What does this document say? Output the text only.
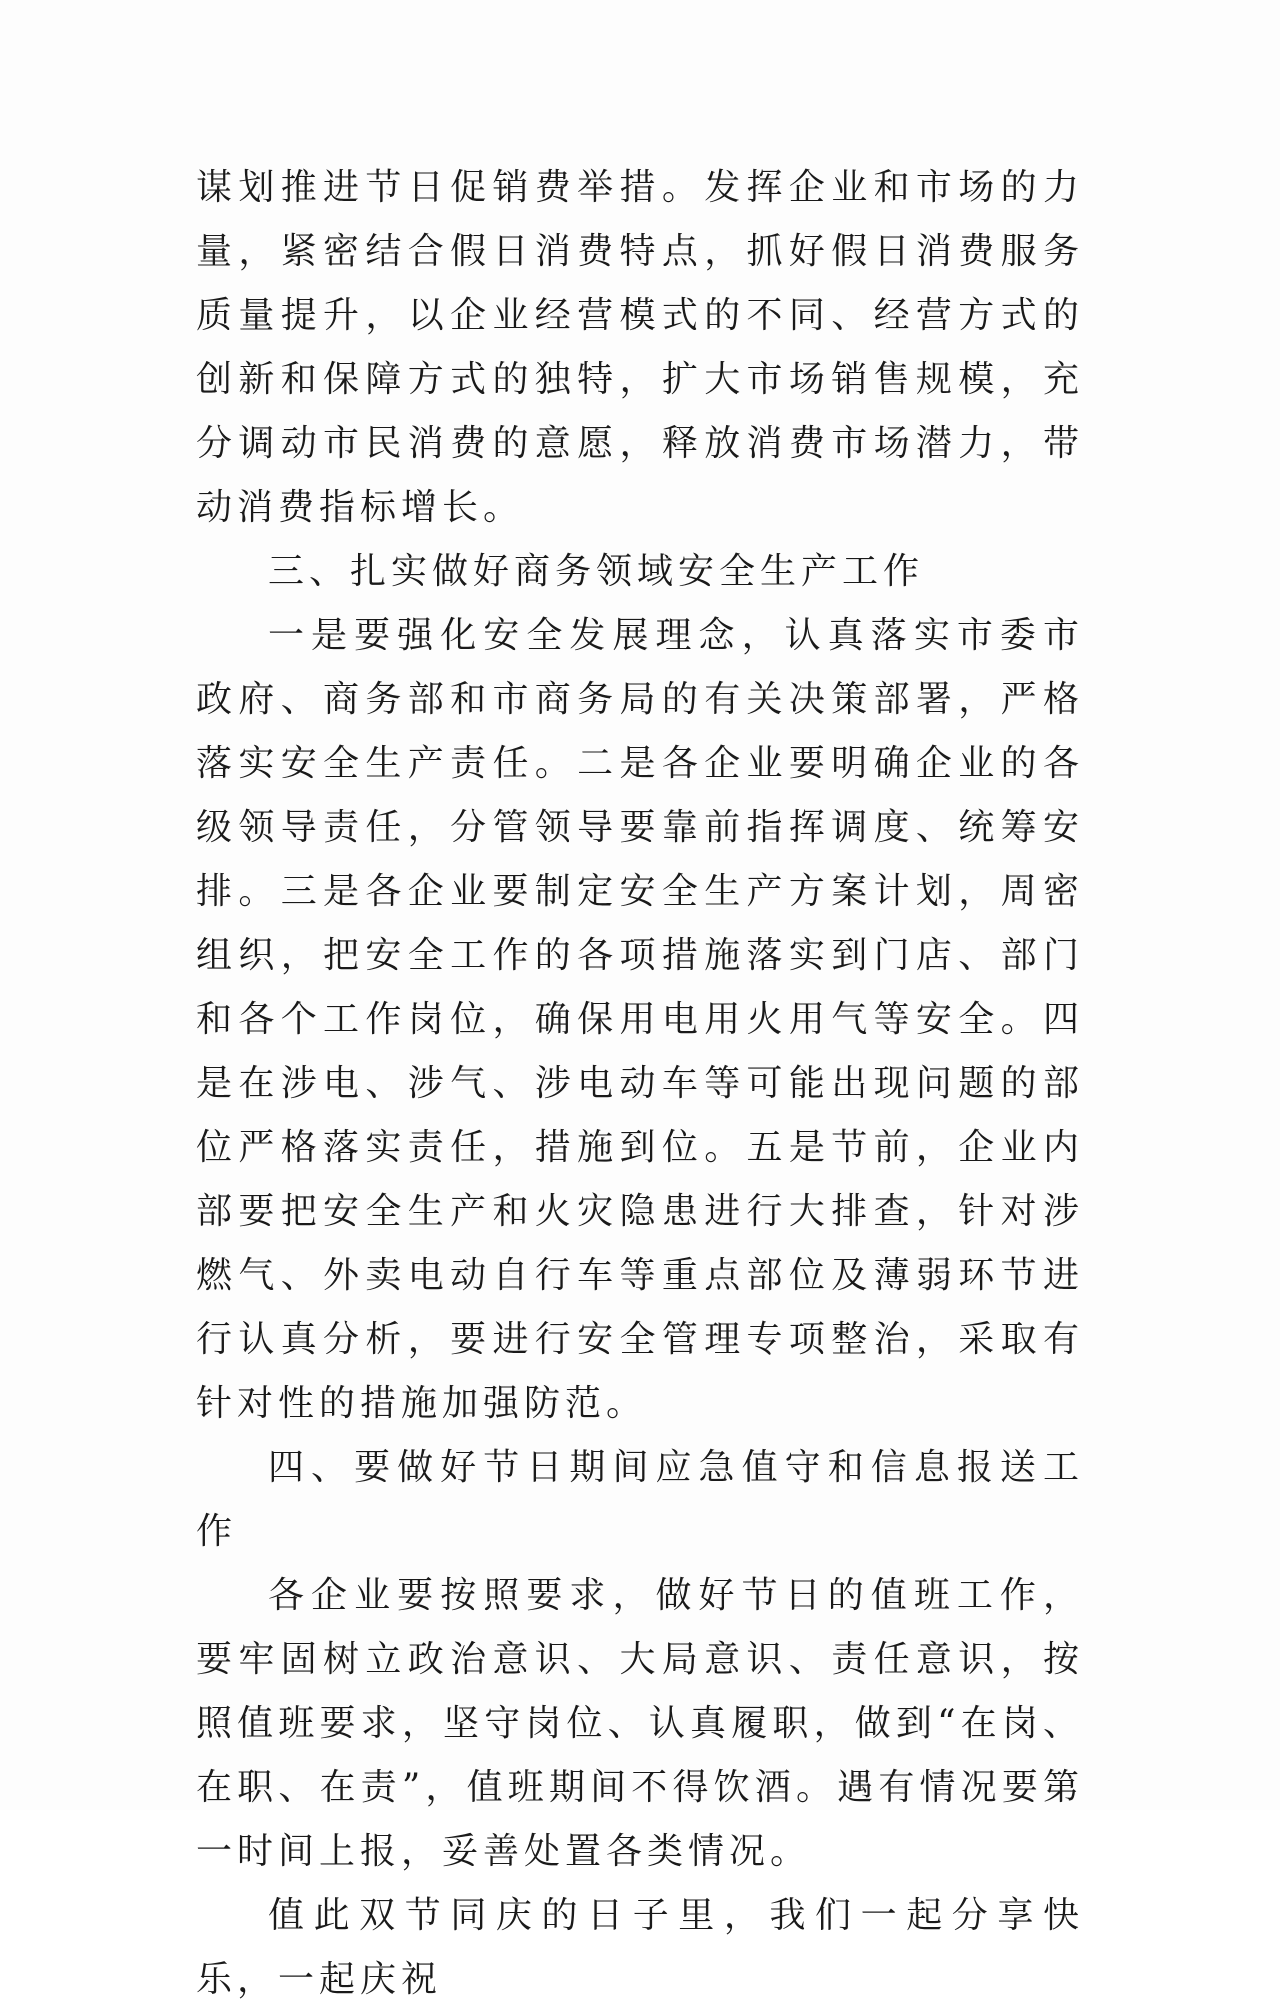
谋划推进节日促销费举措。发挥企业和市场的力量，紧密结合假日消费特点，抓好假日消费服务质量提升，以企业经营模式的不同、经营方式的创新和保障方式的独特，扩大市场销售规模，充分调动市民消费的意愿，释放消费市场潜力，带动消费指标增长。

三、扎实做好商务领域安全生产工作

一是要强化安全发展理念，认真落实市委市政府、商务部和市商务局的有关决策部署，严格落实安全生产责任。二是各企业要明确企业的各级领导责任，分管领导要靠前指挥调度、统筹安排。三是各企业要制定安全生产方案计划，周密组织，把安全工作的各项措施落实到门店、部门和各个工作岗位，确保用电用火用气等安全。四是在涉电、涉气、涉电动车等可能出现问题的部位严格落实责任，措施到位。五是节前，企业内部要把安全生产和火灾隐患进行大排查，针对涉燃气、外卖电动自行车等重点部位及薄弱环节进行认真分析，要进行安全管理专项整治，采取有针对性的措施加强防范。

四、要做好节日期间应急值守和信息报送工作

各企业要按照要求，做好节日的值班工作，要牢固树立政治意识、大局意识、责任意识，按照值班要求，坚守岗位、认真履职，做到“在岗、在职、在责”，值班期间不得饮酒。遇有情况要第一时间上报，妥善处置各类情况。

值此双节同庆的日子里，我们一起分享快乐，一起庆祝
